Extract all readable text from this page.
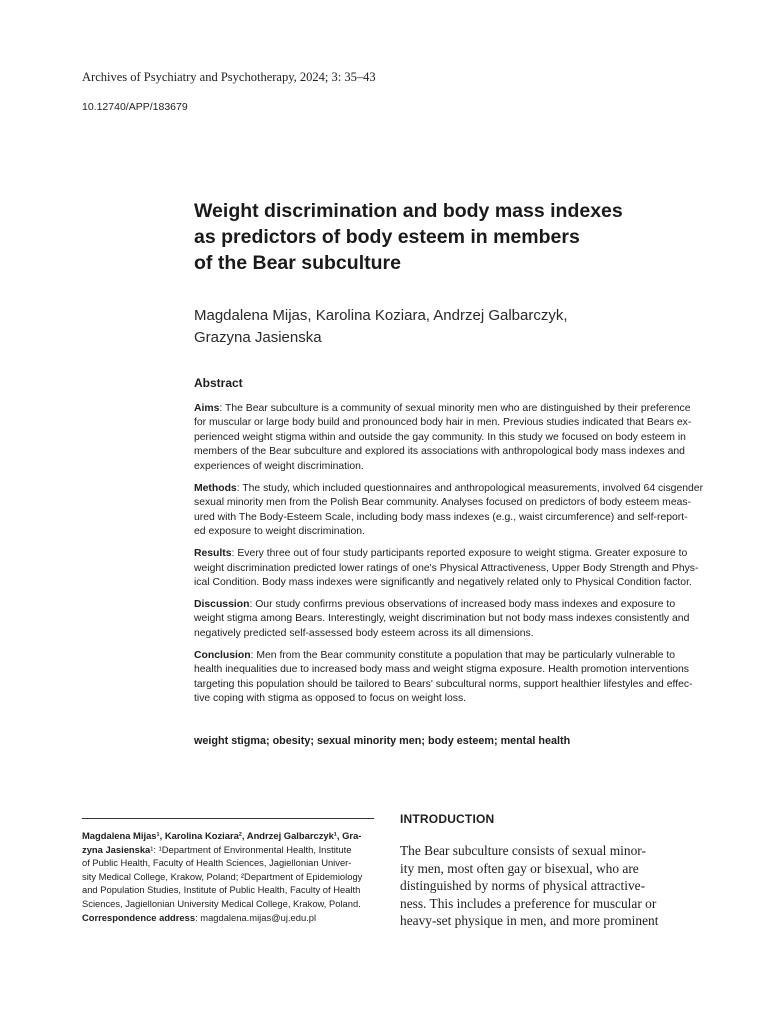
Archives of Psychiatry and Psychotherapy, 2024; 3: 35–43
10.12740/APP/183679
Weight discrimination and body mass indexes
as predictors of body esteem in members
of the Bear subculture
Magdalena Mijas, Karolina Koziara, Andrzej Galbarczyk,
Grazyna Jasienska
Abstract
Aims: The Bear subculture is a community of sexual minority men who are distinguished by their preference
for muscular or large body build and pronounced body hair in men. Previous studies indicated that Bears ex-
perienced weight stigma within and outside the gay community. In this study we focused on body esteem in
members of the Bear subculture and explored its associations with anthropological body mass indexes and
experiences of weight discrimination.
Methods: The study, which included questionnaires and anthropological measurements, involved 64 cisgender
sexual minority men from the Polish Bear community. Analyses focused on predictors of body esteem meas-
ured with The Body-Esteem Scale, including body mass indexes (e.g., waist circumference) and self-report-
ed exposure to weight discrimination.
Results: Every three out of four study participants reported exposure to weight stigma. Greater exposure to
weight discrimination predicted lower ratings of one's Physical Attractiveness, Upper Body Strength and Phys-
ical Condition. Body mass indexes were significantly and negatively related only to Physical Condition factor.
Discussion: Our study confirms previous observations of increased body mass indexes and exposure to
weight stigma among Bears. Interestingly, weight discrimination but not body mass indexes consistently and
negatively predicted self-assessed body esteem across its all dimensions.
Conclusion: Men from the Bear community constitute a population that may be particularly vulnerable to
health inequalities due to increased body mass and weight stigma exposure. Health promotion interventions
targeting this population should be tailored to Bears' subcultural norms, support healthier lifestyles and effec-
tive coping with stigma as opposed to focus on weight loss.
weight stigma; obesity; sexual minority men; body esteem; mental health
Magdalena Mijas¹, Karolina Koziara², Andrzej Galbarczyk¹, Gra-
zyna Jasienska¹: ¹Department of Environmental Health, Institute
of Public Health, Faculty of Health Sciences, Jagiellonian Univer-
sity Medical College, Krakow, Poland; ²Department of Epidemiology
and Population Studies, Institute of Public Health, Faculty of Health
Sciences, Jagiellonian University Medical College, Krakow, Poland.
Correspondence address: magdalena.mijas@uj.edu.pl
INTRODUCTION
The Bear subculture consists of sexual minor-
ity men, most often gay or bisexual, who are
distinguished by norms of physical attractive-
ness. This includes a preference for muscular or
heavy-set physique in men, and more prominent
